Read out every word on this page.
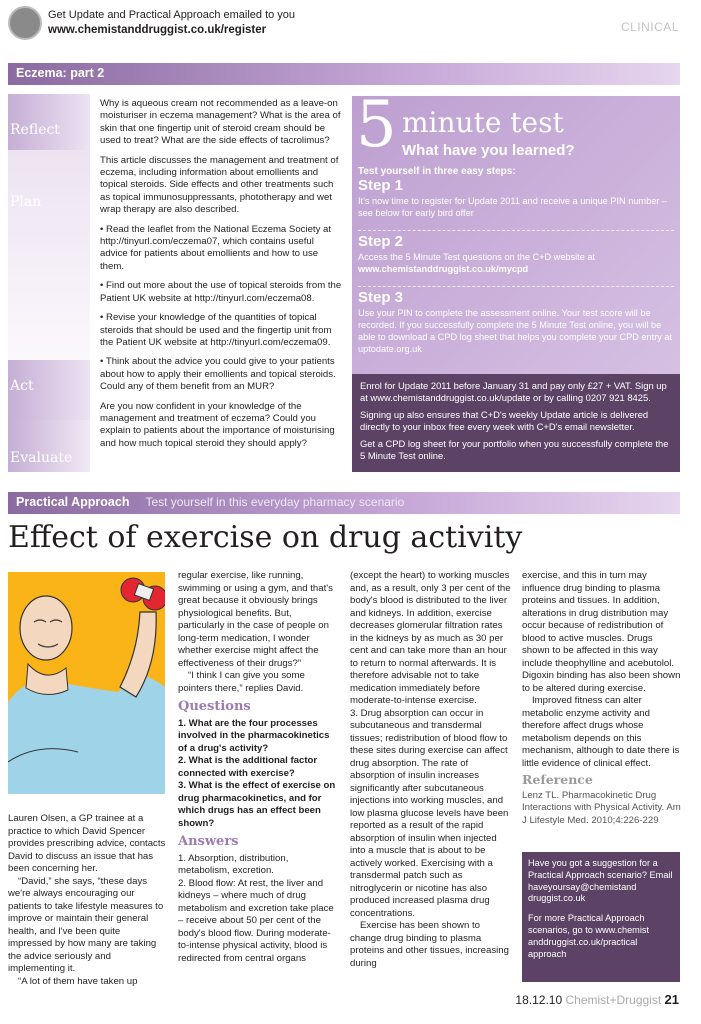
Get Update and Practical Approach emailed to you
www.chemistanddruggist.co.uk/register	CLINICAL
Eczema: part 2
Reflect
Plan
Act
Evaluate

Why is aqueous cream not recommended as a leave-on moisturiser in eczema management? What is the area of skin that one fingertip unit of steroid cream should be used to treat? What are the side effects of tacrolimus?

This article discusses the management and treatment of eczema, including information about emollients and topical steroids. Side effects and other treatments such as topical immunosuppressants, phototherapy and wet wrap therapy are also described.

• Read the leaflet from the National Eczema Society at http://tinyurl.com/eczema07, which contains useful advice for patients about emollients and how to use them.

• Find out more about the use of topical steroids from the Patient UK website at http://tinyurl.com/eczema08.

• Revise your knowledge of the quantities of topical steroids that should be used and the fingertip unit from the Patient UK website at http://tinyurl.com/eczema09.

• Think about the advice you could give to your patients about how to apply their emollients and topical steroids. Could any of them benefit from an MUR?

Are you now confident in your knowledge of the management and treatment of eczema? Could you explain to patients about the importance of moisturising and how much topical steroid they should apply?

5 minute test
What have you learned?
Test yourself in three easy steps:
Step 1
It's now time to register for Update 2011 and receive a unique PIN number – see below for early bird offer
Step 2
Access the 5 Minute Test questions on the C+D website at
www.chemistanddruggist.co.uk/mycpd
Step 3
Use your PIN to complete the assessment online. Your test score will be recorded. If you successfully complete the 5 Minute Test online, you will be able to download a CPD log sheet that helps you complete your CPD entry at uptodate.org.uk

Enrol for Update 2011 before January 31 and pay only £27 + VAT. Sign up at www.chemistanddruggist.co.uk/update or by calling 0207 921 8425.

Signing up also ensures that C+D's weekly Update article is delivered directly to your inbox free every week with C+D's email newsletter.

Get a CPD log sheet for your portfolio when you successfully complete the 5 Minute Test online.

Practical Approach Test yourself in this everyday pharmacy scenario
Effect of exercise on drug activity

Lauren Olsen, a GP trainee at a practice to which David Spencer provides prescribing advice, contacts David to discuss an issue that has been concerning her.

“David,” she says, “these days we're always encouraging our patients to take lifestyle measures to improve or maintain their general health, and I've been quite impressed by how many are taking the advice seriously and implementing it.

“A lot of them have taken up

regular exercise, like running, swimming or using a gym, and that's great because it obviously brings physiological benefits. But, particularly in the case of people on long-term medication, I wonder whether exercise might affect the effectiveness of their drugs?”

“I think I can give you some pointers there,” replies David.

Questions

1. What are the four processes involved in the pharmacokinetics of a drug's activity?

2. What is the additional factor connected with exercise?

3. What is the effect of exercise on drug pharmacokinetics, and for which drugs has an effect been shown?

Answers

1. Absorption, distribution, metabolism, excretion.

2. Blood flow: At rest, the liver and kidneys – where much of drug metabolism and excretion take place – receive about 50 per cent of the body's blood flow. During moderate-to-intense physical activity, blood is redirected from central organs

(except the heart) to working muscles and, as a result, only 3 per cent of the body's blood is distributed to the liver and kidneys. In addition, exercise decreases glomerular filtration rates in the kidneys by as much as 30 per cent and can take more than an hour to return to normal afterwards. It is therefore advisable not to take medication immediately before moderate-to-intense exercise.

3. Drug absorption can occur in subcutaneous and transdermal tissues; redistribution of blood flow to these sites during exercise can affect drug absorption. The rate of absorption of insulin increases significantly after subcutaneous injections into working muscles, and low plasma glucose levels have been reported as a result of the rapid absorption of insulin when injected into a muscle that is about to be actively worked. Exercising with a transdermal patch such as nitroglycerin or nicotine has also produced increased plasma drug concentrations.

Exercise has been shown to change drug binding to plasma proteins and other tissues, increasing during

exercise, and this in turn may influence drug binding to plasma proteins and tissues. In addition, alterations in drug distribution may occur because of redistribution of blood to active muscles. Drugs shown to be affected in this way include theophylline and acebutolol. Digoxin binding has also been shown to be altered during exercise.

Improved fitness can alter metabolic enzyme activity and therefore affect drugs whose metabolism depends on this mechanism, although to date there is little evidence of clinical effect.

Reference

Lenz TL. Pharmacokinetic Drug Interactions with Physical Activity. Am J Lifestyle Med. 2010;4:226-229

Have you got a suggestion for a Practical Approach scenario? Email haveyoursay@chemistand druggist.co.uk

For more Practical Approach scenarios, go to www.chemist anddruggist.co.uk/practical approach

18.12.10 Chemist+Druggist 21
